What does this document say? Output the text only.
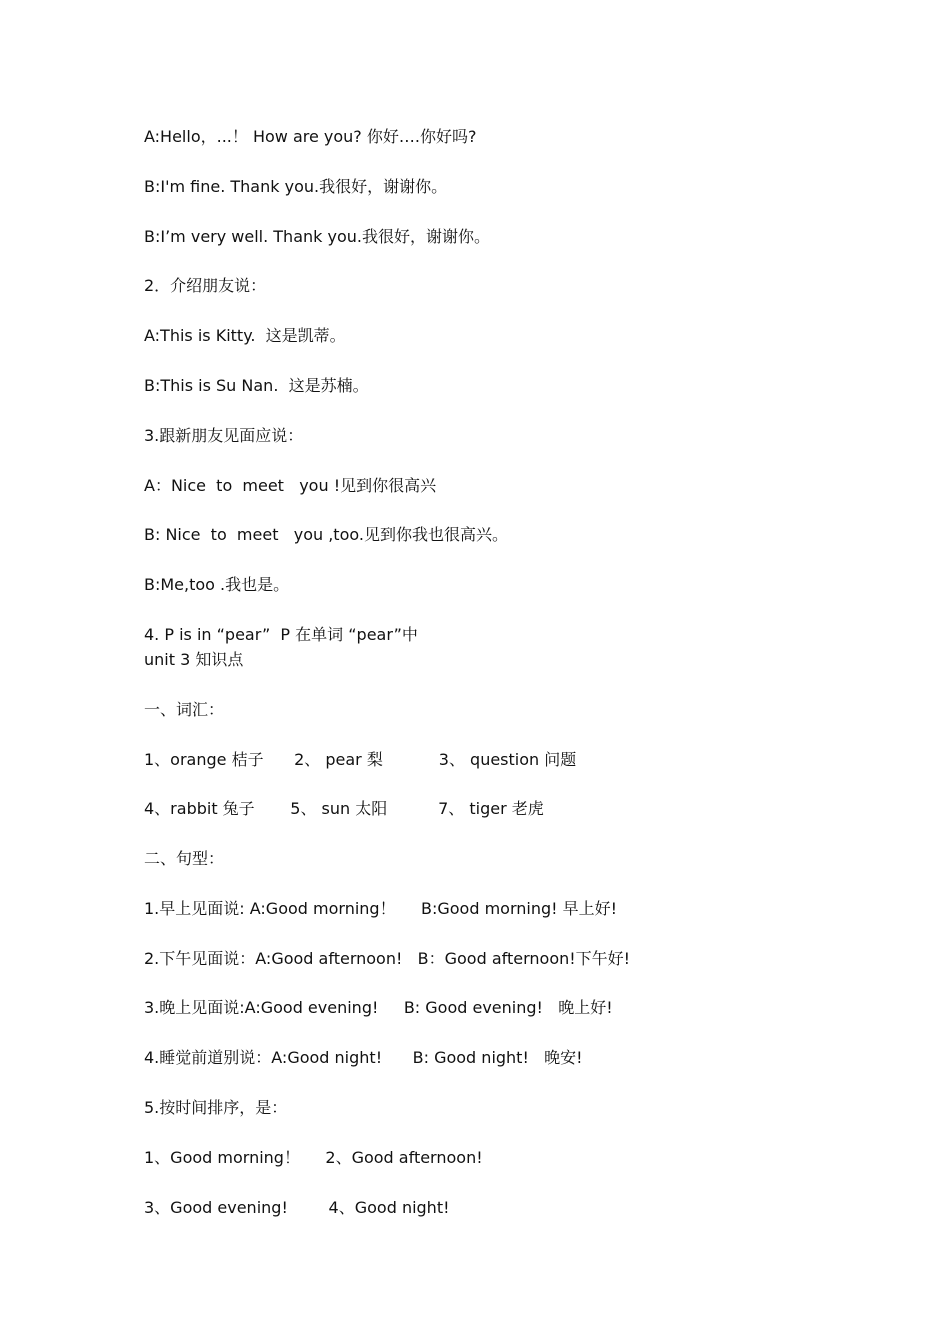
A:Hello，...！ How are you? 你好….你好吗?

B:I'm fine. Thank you.我很好，谢谢你。

B:I’m very well. Thank you.我很好，谢谢你。

2．介绍朋友说：

A:This is Kitty.  这是凯蒂。

B:This is Su Nan.  这是苏楠。

3.跟新朋友见面应说：

A：Nice  to  meet   you !见到你很高兴

B: Nice  to  meet   you ,too.见到你我也很高兴。

B:Me,too .我也是。

4. P is in “pear”  P 在单词 “pear”中

unit 3 知识点

一、词汇：

1、orange 桔子      2、 pear 梨           3、 question 问题

4、rabbit 兔子       5、 sun 太阳          7、 tiger 老虎

二、句型：

1.早上见面说: A:Good morning！     B:Good morning! 早上好!

2.下午见面说：A:Good afternoon!   B：Good afternoon!下午好!

3.晚上见面说:A:Good evening!     B: Good evening!   晚上好!

4.睡觉前道别说：A:Good night!      B: Good night!   晚安!

5.按时间排序，是：

1、Good morning！     2、Good afternoon!

3、Good evening!        4、Good night!
